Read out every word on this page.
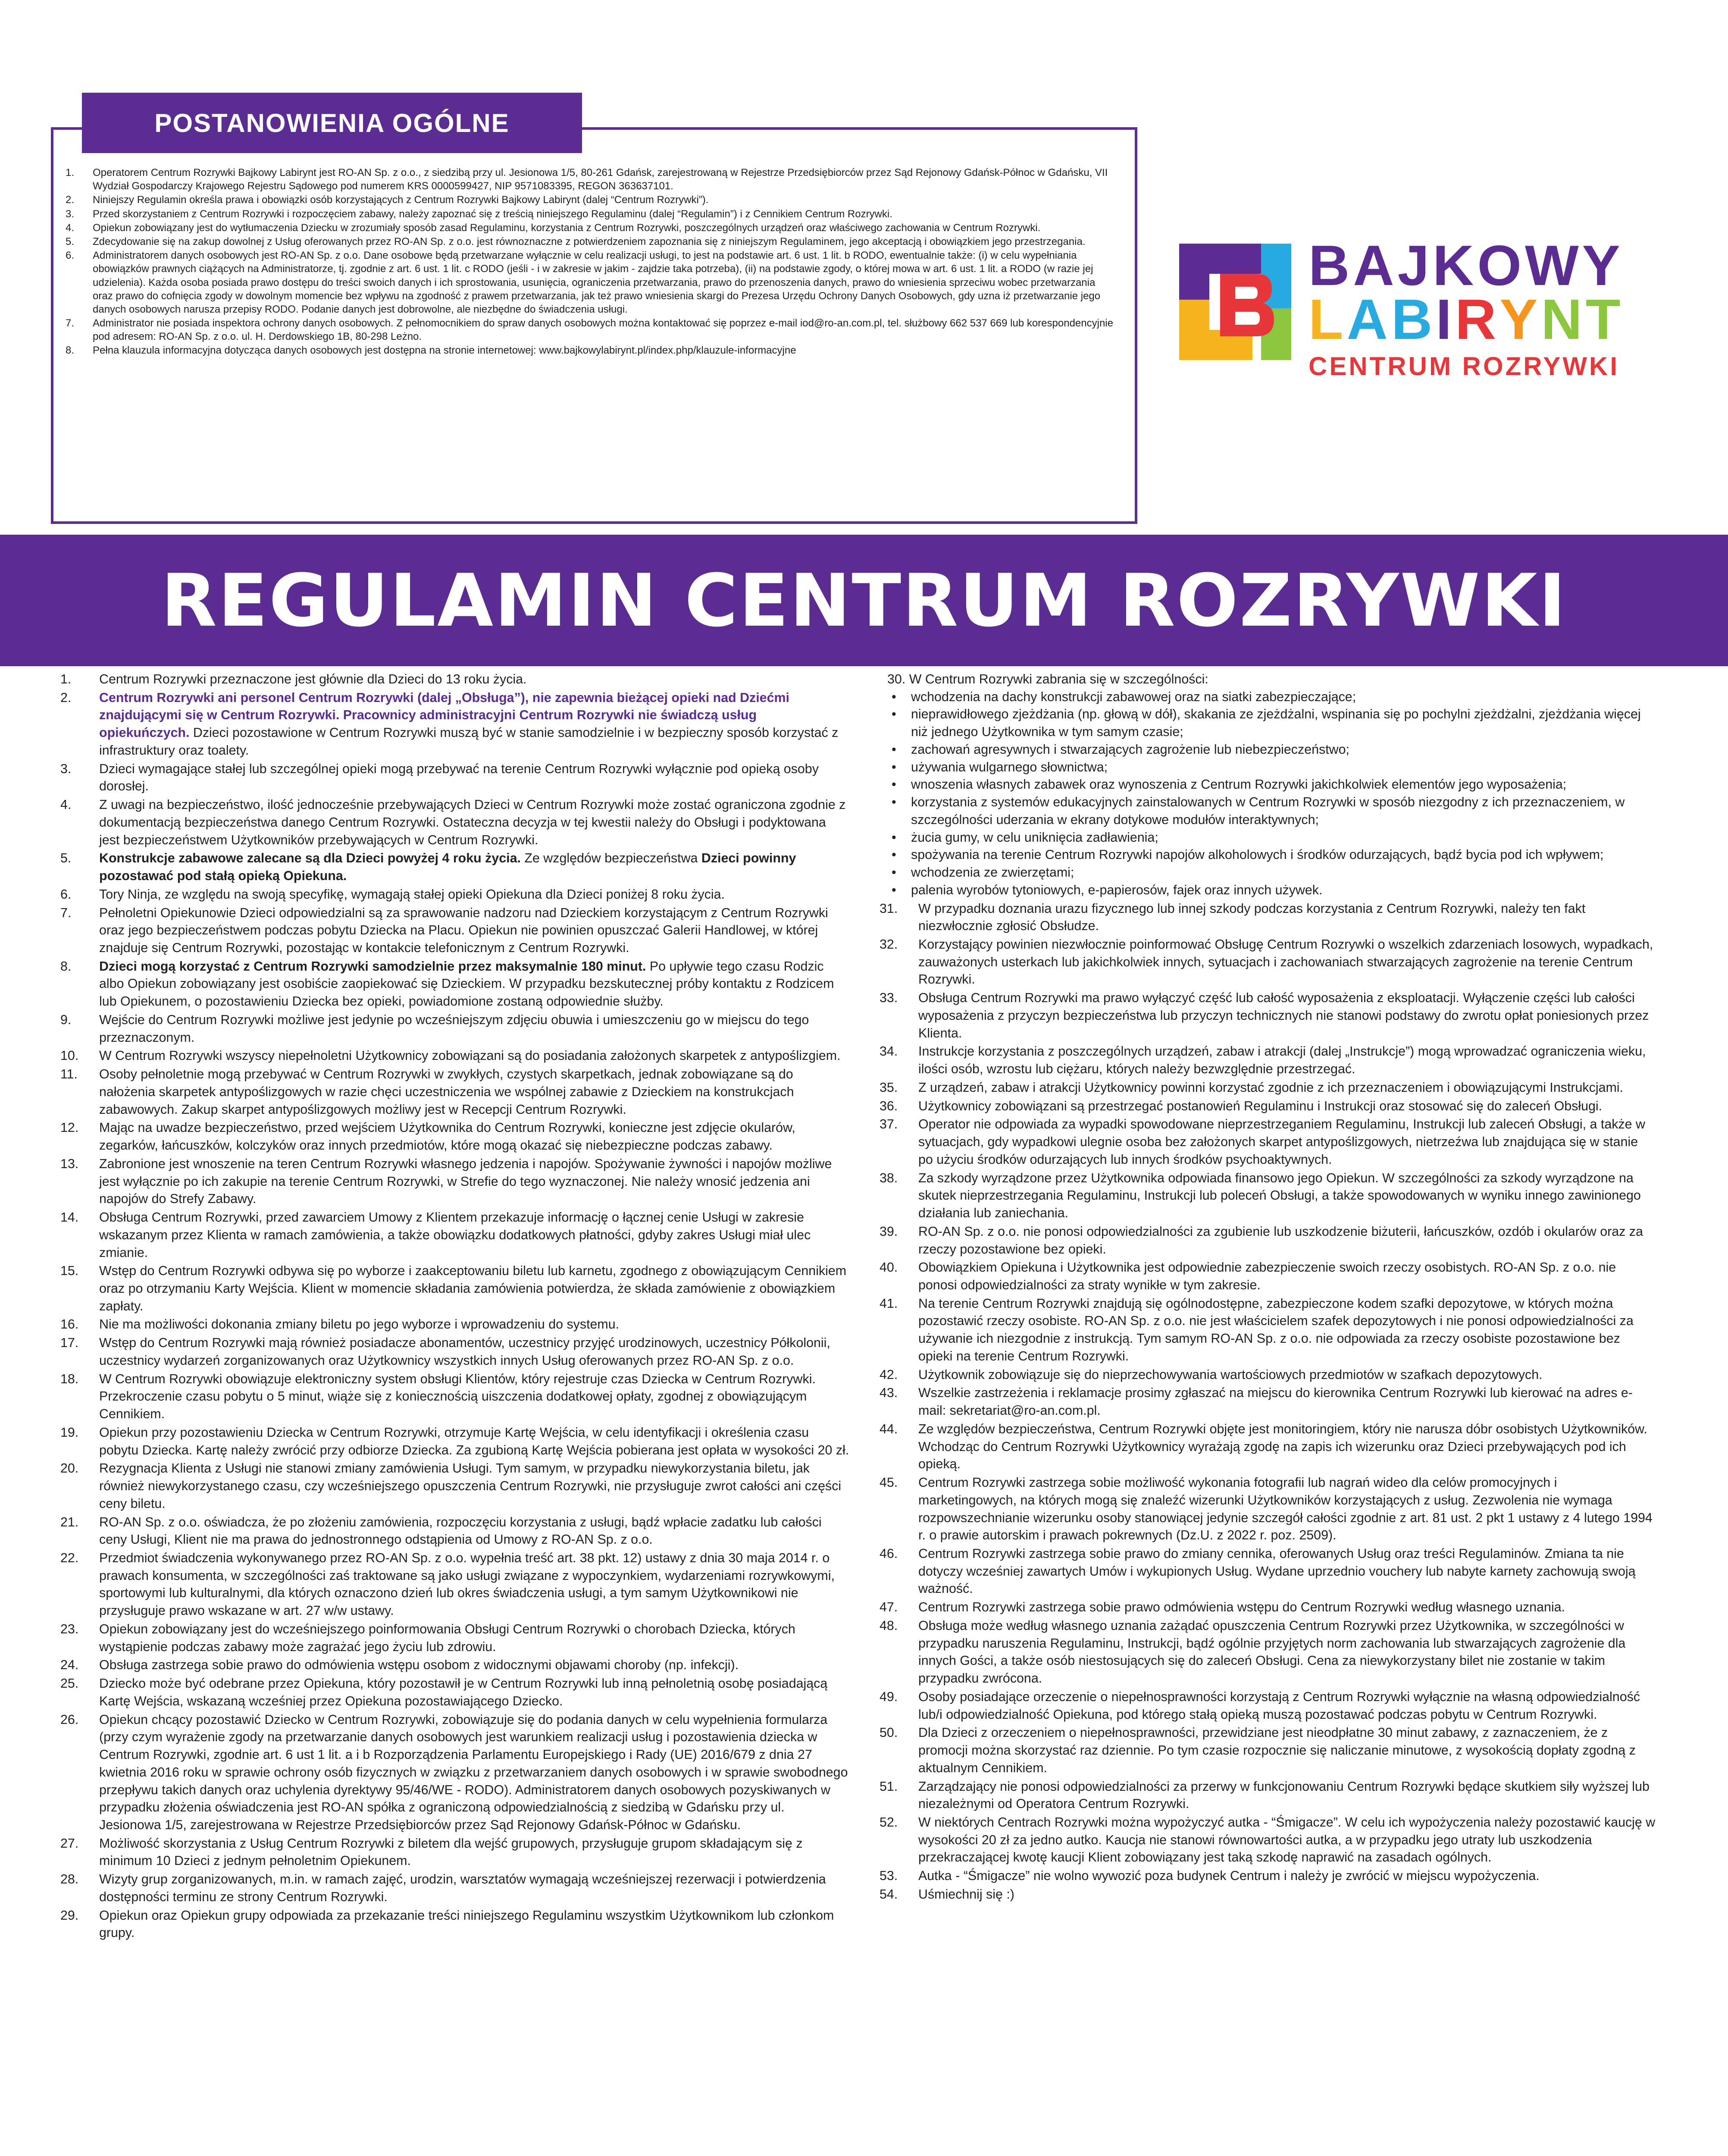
POSTANOWIENIA OGÓLNE
1. Operatorem Centrum Rozrywki Bajkowy Labirynt jest RO-AN Sp. z o.o., z siedzibą przy ul. Jesionowa 1/5, 80-261 Gdańsk, zarejestrowaną w Rejestrze Przedsiębiorców przez Sąd Rejonowy Gdańsk-Północ w Gdańsku, VII Wydział Gospodarczy Krajowego Rejestru Sądowego pod numerem KRS 0000599427, NIP 9571083395, REGON 363637101.
2. Niniejszy Regulamin określa prawa i obowiązki osób korzystających z Centrum Rozrywki Bajkowy Labirynt (dalej “Centrum Rozrywki”).
3. Przed skorzystaniem z Centrum Rozrywki i rozpoczęciem zabawy, należy zapoznać się z treścią niniejszego Regulaminu (dalej “Regulamin”) i z Cennikiem Centrum Rozrywki.
4. Opiekun zobowiązany jest do wytłumaczenia Dziecku w zrozumiały sposób zasad Regulaminu, korzystania z Centrum Rozrywki, poszczególnych urządzeń oraz właściwego zachowania w Centrum Rozrywki.
5. Zdecydowanie się na zakup dowolnej z Usług oferowanych przez RO-AN Sp. z o.o. jest równoznaczne z potwierdzeniem zapoznania się z niniejszym Regulaminem, jego akceptacją i obowiązkiem jego przestrzegania.
6. Administratorem danych osobowych jest RO-AN Sp. z o.o. Dane osobowe będą przetwarzane wyłącznie w celu realizacji usługi, to jest na podstawie art. 6 ust. 1 lit. b RODO, ewentualnie także: (i) w celu wypełniania obowiązków prawnych ciążących na Administratorze, tj. zgodnie z art. 6 ust. 1 lit. c RODO (jeśli - i w zakresie w jakim - zajdzie taka potrzeba), (ii) na podstawie zgody, o której mowa w art. 6 ust. 1 lit. a RODO (w razie jej udzielenia). Każda osoba posiada prawo dostępu do treści swoich danych i ich sprostowania, usunięcia, ograniczenia przetwarzania, prawo do przenoszenia danych, prawo do wniesienia sprzeciwu wobec przetwarzania oraz prawo do cofnięcia zgody w dowolnym momencie bez wpływu na zgodność z prawem przetwarzania, jak też prawo wniesienia skargi do Prezesa Urzędu Ochrony Danych Osobowych, gdy uzna iż przetwarzanie jego danych osobowych narusza przepisy RODO. Podanie danych jest dobrowolne, ale niezbędne do świadczenia usługi.
7. Administrator nie posiada inspektora ochrony danych osobowych. Z pełnomocnikiem do spraw danych osobowych można kontaktować się poprzez e-mail iod@ro-an.com.pl, tel. służbowy 662 537 669 lub korespondencyjnie pod adresem: RO-AN Sp. z o.o. ul. H. Derdowskiego 1B, 80-298 Leżno.
8. Pełna klauzula informacyjna dotycząca danych osobowych jest dostępna na stronie internetowej: www.bajkowylabirynt.pl/index.php/klauzule-informacyjne
BAJKOWY
LABIRYNT
CENTRUM ROZRYWKI
REGULAMIN CENTRUM ROZRYWKI
1. Centrum Rozrywki przeznaczone jest głównie dla Dzieci do 13 roku życia.
2. Centrum Rozrywki ani personel Centrum Rozrywki (dalej „Obsługa”), nie zapewnia bieżącej opieki nad Dziećmi znajdującymi się w Centrum Rozrywki. Pracownicy administracyjni Centrum Rozrywki nie świadczą usług opiekuńczych. Dzieci pozostawione w Centrum Rozrywki muszą być w stanie samodzielnie i w bezpieczny sposób korzystać z infrastruktury oraz toalety.
3. Dzieci wymagające stałej lub szczególnej opieki mogą przebywać na terenie Centrum Rozrywki wyłącznie pod opieką osoby dorosłej.
4. Z uwagi na bezpieczeństwo, ilość jednocześnie przebywających Dzieci w Centrum Rozrywki może zostać ograniczona zgodnie z dokumentacją bezpieczeństwa danego Centrum Rozrywki. Ostateczna decyzja w tej kwestii należy do Obsługi i podyktowana jest bezpieczeństwem Użytkowników przebywających w Centrum Rozrywki.
5. Konstrukcje zabawowe zalecane są dla Dzieci powyżej 4 roku życia. Ze względów bezpieczeństwa Dzieci powinny pozostawać pod stałą opieką Opiekuna.
6. Tory Ninja, ze względu na swoją specyfikę, wymagają stałej opieki Opiekuna dla Dzieci poniżej 8 roku życia.
7. Pełnoletni Opiekunowie Dzieci odpowiedzialni są za sprawowanie nadzoru nad Dzieckiem korzystającym z Centrum Rozrywki oraz jego bezpieczeństwem podczas pobytu Dziecka na Placu. Opiekun nie powinien opuszczać Galerii Handlowej, w której znajduje się Centrum Rozrywki, pozostając w kontakcie telefonicznym z Centrum Rozrywki.
8. Dzieci mogą korzystać z Centrum Rozrywki samodzielnie przez maksymalnie 180 minut. Po upływie tego czasu Rodzic albo Opiekun zobowiązany jest osobiście zaopiekować się Dzieckiem. W przypadku bezskutecznej próby kontaktu z Rodzicem lub Opiekunem, o pozostawieniu Dziecka bez opieki, powiadomione zostaną odpowiednie służby.
9. Wejście do Centrum Rozrywki możliwe jest jedynie po wcześniejszym zdjęciu obuwia i umieszczeniu go w miejscu do tego przeznaczonym.
10. W Centrum Rozrywki wszyscy niepełnoletni Użytkownicy zobowiązani są do posiadania założonych skarpetek z antypoślizgiem.
11. Osoby pełnoletnie mogą przebywać w Centrum Rozrywki w zwykłych, czystych skarpetkach, jednak zobowiązane są do nałożenia skarpetek antypoślizgowych w razie chęci uczestniczenia we wspólnej zabawie z Dzieckiem na konstrukcjach zabawowych. Zakup skarpet antypoślizgowych możliwy jest w Recepcji Centrum Rozrywki.
12. Mając na uwadze bezpieczeństwo, przed wejściem Użytkownika do Centrum Rozrywki, konieczne jest zdjęcie okularów, zegarków, łańcuszków, kolczyków oraz innych przedmiotów, które mogą okazać się niebezpieczne podczas zabawy.
13. Zabronione jest wnoszenie na teren Centrum Rozrywki własnego jedzenia i napojów. Spożywanie żywności i napojów możliwe jest wyłącznie po ich zakupie na terenie Centrum Rozrywki, w Strefie do tego wyznaczonej. Nie należy wnosić jedzenia ani napojów do Strefy Zabawy.
14. Obsługa Centrum Rozrywki, przed zawarciem Umowy z Klientem przekazuje informację o łącznej cenie Usługi w zakresie wskazanym przez Klienta w ramach zamówienia, a także obowiązku dodatkowych płatności, gdyby zakres Usługi miał ulec zmianie.
15. Wstęp do Centrum Rozrywki odbywa się po wyborze i zaakceptowaniu biletu lub karnetu, zgodnego z obowiązującym Cennikiem oraz po otrzymaniu Karty Wejścia. Klient w momencie składania zamówienia potwierdza, że składa zamówienie z obowiązkiem zapłaty.
16. Nie ma możliwości dokonania zmiany biletu po jego wyborze i wprowadzeniu do systemu.
17. Wstęp do Centrum Rozrywki mają również posiadacze abonamentów, uczestnicy przyjęć urodzinowych, uczestnicy Półkolonii, uczestnicy wydarzeń zorganizowanych oraz Użytkownicy wszystkich innych Usług oferowanych przez RO-AN Sp. z o.o.
18. W Centrum Rozrywki obowiązuje elektroniczny system obsługi Klientów, który rejestruje czas Dziecka w Centrum Rozrywki. Przekroczenie czasu pobytu o 5 minut, wiąże się z koniecznością uiszczenia dodatkowej opłaty, zgodnej z obowiązującym Cennikiem.
19. Opiekun przy pozostawieniu Dziecka w Centrum Rozrywki, otrzymuje Kartę Wejścia, w celu identyfikacji i określenia czasu pobytu Dziecka. Kartę należy zwrócić przy odbiorze Dziecka. Za zgubioną Kartę Wejścia pobierana jest opłata w wysokości 20 zł.
20. Rezygnacja Klienta z Usługi nie stanowi zmiany zamówienia Usługi. Tym samym, w przypadku niewykorzystania biletu, jak również niewykorzystanego czasu, czy wcześniejszego opuszczenia Centrum Rozrywki, nie przysługuje zwrot całości ani części ceny biletu.
21. RO-AN Sp. z o.o. oświadcza, że po złożeniu zamówienia, rozpoczęciu korzystania z usługi, bądź wpłacie zadatku lub całości ceny Usługi, Klient nie ma prawa do jednostronnego odstąpienia od Umowy z RO-AN Sp. z o.o.
22. Przedmiot świadczenia wykonywanego przez RO-AN Sp. z o.o. wypełnia treść art. 38 pkt. 12) ustawy z dnia 30 maja 2014 r. o prawach konsumenta, w szczególności zaś traktowane są jako usługi związane z wypoczynkiem, wydarzeniami rozrywkowymi, sportowymi lub kulturalnymi, dla których oznaczono dzień lub okres świadczenia usługi, a tym samym Użytkownikowi nie przysługuje prawo wskazane w art. 27 w/w ustawy.
23. Opiekun zobowiązany jest do wcześniejszego poinformowania Obsługi Centrum Rozrywki o chorobach Dziecka, których wystąpienie podczas zabawy może zagrażać jego życiu lub zdrowiu.
24. Obsługa zastrzega sobie prawo do odmówienia wstępu osobom z widocznymi objawami choroby (np. infekcji).
25. Dziecko może być odebrane przez Opiekuna, który pozostawił je w Centrum Rozrywki lub inną pełnoletnią osobę posiadającą Kartę Wejścia, wskazaną wcześniej przez Opiekuna pozostawiającego Dziecko.
26. Opiekun chcący pozostawić Dziecko w Centrum Rozrywki, zobowiązuje się do podania danych w celu wypełnienia formularza (przy czym wyrażenie zgody na przetwarzanie danych osobowych jest warunkiem realizacji usług i pozostawienia dziecka w Centrum Rozrywki, zgodnie art. 6 ust 1 lit. a i b Rozporządzenia Parlamentu Europejskiego i Rady (UE) 2016/679 z dnia 27 kwietnia 2016 roku w sprawie ochrony osób fizycznych w związku z przetwarzaniem danych osobowych i w sprawie swobodnego przepływu takich danych oraz uchylenia dyrektywy 95/46/WE - RODO). Administratorem danych osobowych pozyskiwanych w przypadku złożenia oświadczenia jest RO-AN spółka z ograniczoną odpowiedzialnością z siedzibą w Gdańsku przy ul. Jesionowa 1/5, zarejestrowana w Rejestrze Przedsiębiorców przez Sąd Rejonowy Gdańsk-Północ w Gdańsku.
27. Możliwość skorzystania z Usług Centrum Rozrywki z biletem dla wejść grupowych, przysługuje grupom składającym się z minimum 10 Dzieci z jednym pełnoletnim Opiekunem.
28. Wizyty grup zorganizowanych, m.in. w ramach zajęć, urodzin, warsztatów wymagają wcześniejszej rezerwacji i potwierdzenia dostępności terminu ze strony Centrum Rozrywki.
29. Opiekun oraz Opiekun grupy odpowiada za przekazanie treści niniejszego Regulaminu wszystkim Użytkownikom lub członkom grupy.
30. W Centrum Rozrywki zabrania się w szczególności:
• wchodzenia na dachy konstrukcji zabawowej oraz na siatki zabezpieczające;
• nieprawidłowego zjeżdżania (np. głową w dół), skakania ze zjeżdżalni, wspinania się po pochylni zjeżdżalni, zjeżdżania więcej niż jednego Użytkownika w tym samym czasie;
• zachowań agresywnych i stwarzających zagrożenie lub niebezpieczeństwo;
• używania wulgarnego słownictwa;
• wnoszenia własnych zabawek oraz wynoszenia z Centrum Rozrywki jakichkolwiek elementów jego wyposażenia;
• korzystania z systemów edukacyjnych zainstalowanych w Centrum Rozrywki w sposób niezgodny z ich przeznaczeniem, w szczególności uderzania w ekrany dotykowe modułów interaktywnych;
• żucia gumy, w celu uniknięcia zadławienia;
• spożywania na terenie Centrum Rozrywki napojów alkoholowych i środków odurzających, bądź bycia pod ich wpływem;
• wchodzenia ze zwierzętami;
• palenia wyrobów tytoniowych, e-papierosów, fajek oraz innych używek.
31. W przypadku doznania urazu fizycznego lub innej szkody podczas korzystania z Centrum Rozrywki, należy ten fakt niezwłocznie zgłosić Obsłudze.
32. Korzystający powinien niezwłocznie poinformować Obsługę Centrum Rozrywki o wszelkich zdarzeniach losowych, wypadkach, zauważonych usterkach lub jakichkolwiek innych, sytuacjach i zachowaniach stwarzających zagrożenie na terenie Centrum Rozrywki.
33. Obsługa Centrum Rozrywki ma prawo wyłączyć część lub całość wyposażenia z eksploatacji. Wyłączenie części lub całości wyposażenia z przyczyn bezpieczeństwa lub przyczyn technicznych nie stanowi podstawy do zwrotu opłat poniesionych przez Klienta.
34. Instrukcje korzystania z poszczególnych urządzeń, zabaw i atrakcji (dalej „Instrukcje”) mogą wprowadzać ograniczenia wieku, ilości osób, wzrostu lub ciężaru, których należy bezwzględnie przestrzegać.
35. Z urządzeń, zabaw i atrakcji Użytkownicy powinni korzystać zgodnie z ich przeznaczeniem i obowiązującymi Instrukcjami.
36. Użytkownicy zobowiązani są przestrzegać postanowień Regulaminu i Instrukcji oraz stosować się do zaleceń Obsługi.
37. Operator nie odpowiada za wypadki spowodowane nieprzestrzeganiem Regulaminu, Instrukcji lub zaleceń Obsługi, a także w sytuacjach, gdy wypadkowi ulegnie osoba bez założonych skarpet antypoślizgowych, nietrzeźwa lub znajdująca się w stanie po użyciu środków odurzających lub innych środków psychoaktywnych.
38. Za szkody wyrządzone przez Użytkownika odpowiada finansowo jego Opiekun. W szczególności za szkody wyrządzone na skutek nieprzestrzegania Regulaminu, Instrukcji lub poleceń Obsługi, a także spowodowanych w wyniku innego zawinionego działania lub zaniechania.
39. RO-AN Sp. z o.o. nie ponosi odpowiedzialności za zgubienie lub uszkodzenie biżuterii, łańcuszków, ozdób i okularów oraz za rzeczy pozostawione bez opieki.
40. Obowiązkiem Opiekuna i Użytkownika jest odpowiednie zabezpieczenie swoich rzeczy osobistych. RO-AN Sp. z o.o. nie ponosi odpowiedzialności za straty wynikłe w tym zakresie.
41. Na terenie Centrum Rozrywki znajdują się ogólnodostępne, zabezpieczone kodem szafki depozytowe, w których można pozostawić rzeczy osobiste. RO-AN Sp. z o.o. nie jest właścicielem szafek depozytowych i nie ponosi odpowiedzialności za używanie ich niezgodnie z instrukcją. Tym samym RO-AN Sp. z o.o. nie odpowiada za rzeczy osobiste pozostawione bez opieki na terenie Centrum Rozrywki.
42. Użytkownik zobowiązuje się do nieprzechowywania wartościowych przedmiotów w szafkach depozytowych.
43. Wszelkie zastrzeżenia i reklamacje prosimy zgłaszać na miejscu do kierownika Centrum Rozrywki lub kierować na adres e-mail: sekretariat@ro-an.com.pl.
44. Ze względów bezpieczeństwa, Centrum Rozrywki objęte jest monitoringiem, który nie narusza dóbr osobistych Użytkowników. Wchodząc do Centrum Rozrywki Użytkownicy wyrażają zgodę na zapis ich wizerunku oraz Dzieci przebywających pod ich opieką.
45. Centrum Rozrywki zastrzega sobie możliwość wykonania fotografii lub nagrań wideo dla celów promocyjnych i marketingowych, na których mogą się znaleźć wizerunki Użytkowników korzystających z usług. Zezwolenia nie wymaga rozpowszechnianie wizerunku osoby stanowiącej jedynie szczegół całości zgodnie z art. 81 ust. 2 pkt 1 ustawy z 4 lutego 1994 r. o prawie autorskim i prawach pokrewnych (Dz.U. z 2022 r. poz. 2509).
46. Centrum Rozrywki zastrzega sobie prawo do zmiany cennika, oferowanych Usług oraz treści Regulaminów. Zmiana ta nie dotyczy wcześniej zawartych Umów i wykupionych Usług. Wydane uprzednio vouchery lub nabyte karnety zachowują swoją ważność.
47. Centrum Rozrywki zastrzega sobie prawo odmówienia wstępu do Centrum Rozrywki według własnego uznania.
48. Obsługa może według własnego uznania zażądać opuszczenia Centrum Rozrywki przez Użytkownika, w szczególności w przypadku naruszenia Regulaminu, Instrukcji, bądź ogólnie przyjętych norm zachowania lub stwarzających zagrożenie dla innych Gości, a także osób niestosujących się do zaleceń Obsługi. Cena za niewykorzystany bilet nie zostanie w takim przypadku zwrócona.
49. Osoby posiadające orzeczenie o niepełnosprawności korzystają z Centrum Rozrywki wyłącznie na własną odpowiedzialność lub/i odpowiedzialność Opiekuna, pod którego stałą opieką muszą pozostawać podczas pobytu w Centrum Rozrywki.
50. Dla Dzieci z orzeczeniem o niepełnosprawności, przewidziane jest nieodpłatne 30 minut zabawy, z zaznaczeniem, że z promocji można skorzystać raz dziennie. Po tym czasie rozpocznie się naliczanie minutowe, z wysokością dopłaty zgodną z aktualnym Cennikiem.
51. Zarządzający nie ponosi odpowiedzialności za przerwy w funkcjonowaniu Centrum Rozrywki będące skutkiem siły wyższej lub niezależnymi od Operatora Centrum Rozrywki.
52. W niektórych Centrach Rozrywki można wypożyczyć autka - “Śmigacze”. W celu ich wypożyczenia należy pozostawić kaucję w wysokości 20 zł za jedno autko. Kaucja nie stanowi równowartości autka, a w przypadku jego utraty lub uszkodzenia przekraczającej kwotę kaucji Klient zobowiązany jest taką szkodę naprawić na zasadach ogólnych.
53. Autka - “Śmigacze” nie wolno wywozić poza budynek Centrum i należy je zwrócić w miejscu wypożyczenia.
54. Uśmiechnij się :)
